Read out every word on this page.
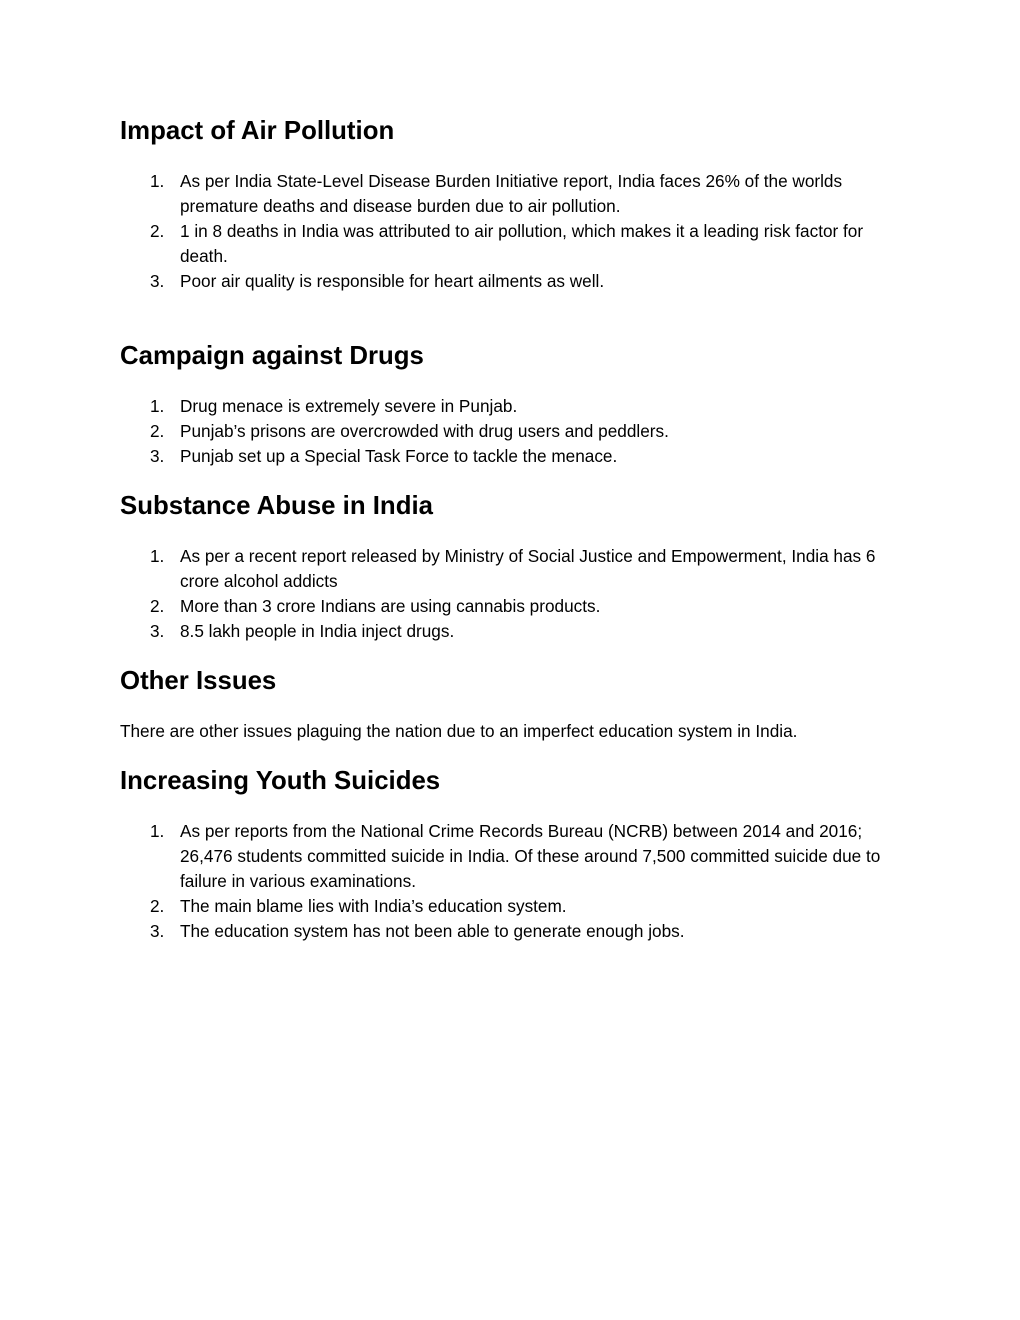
Impact of Air Pollution
1. As per India State-Level Disease Burden Initiative report, India faces 26% of the worlds premature deaths and disease burden due to air pollution.
2. 1 in 8 deaths in India was attributed to air pollution, which makes it a leading risk factor for death.
3. Poor air quality is responsible for heart ailments as well.
Campaign against Drugs
1. Drug menace is extremely severe in Punjab.
2. Punjab’s prisons are overcrowded with drug users and peddlers.
3. Punjab set up a Special Task Force to tackle the menace.
Substance Abuse in India
1. As per a recent report released by Ministry of Social Justice and Empowerment, India has 6 crore alcohol addicts
2. More than 3 crore Indians are using cannabis products.
3. 8.5 lakh people in India inject drugs.
Other Issues

There are other issues plaguing the nation due to an imperfect education system in India.

Increasing Youth Suicides
1. As per reports from the National Crime Records Bureau (NCRB) between 2014 and 2016; 26,476 students committed suicide in India. Of these around 7,500 committed suicide due to failure in various examinations.
2. The main blame lies with India’s education system.
3. The education system has not been able to generate enough jobs.
